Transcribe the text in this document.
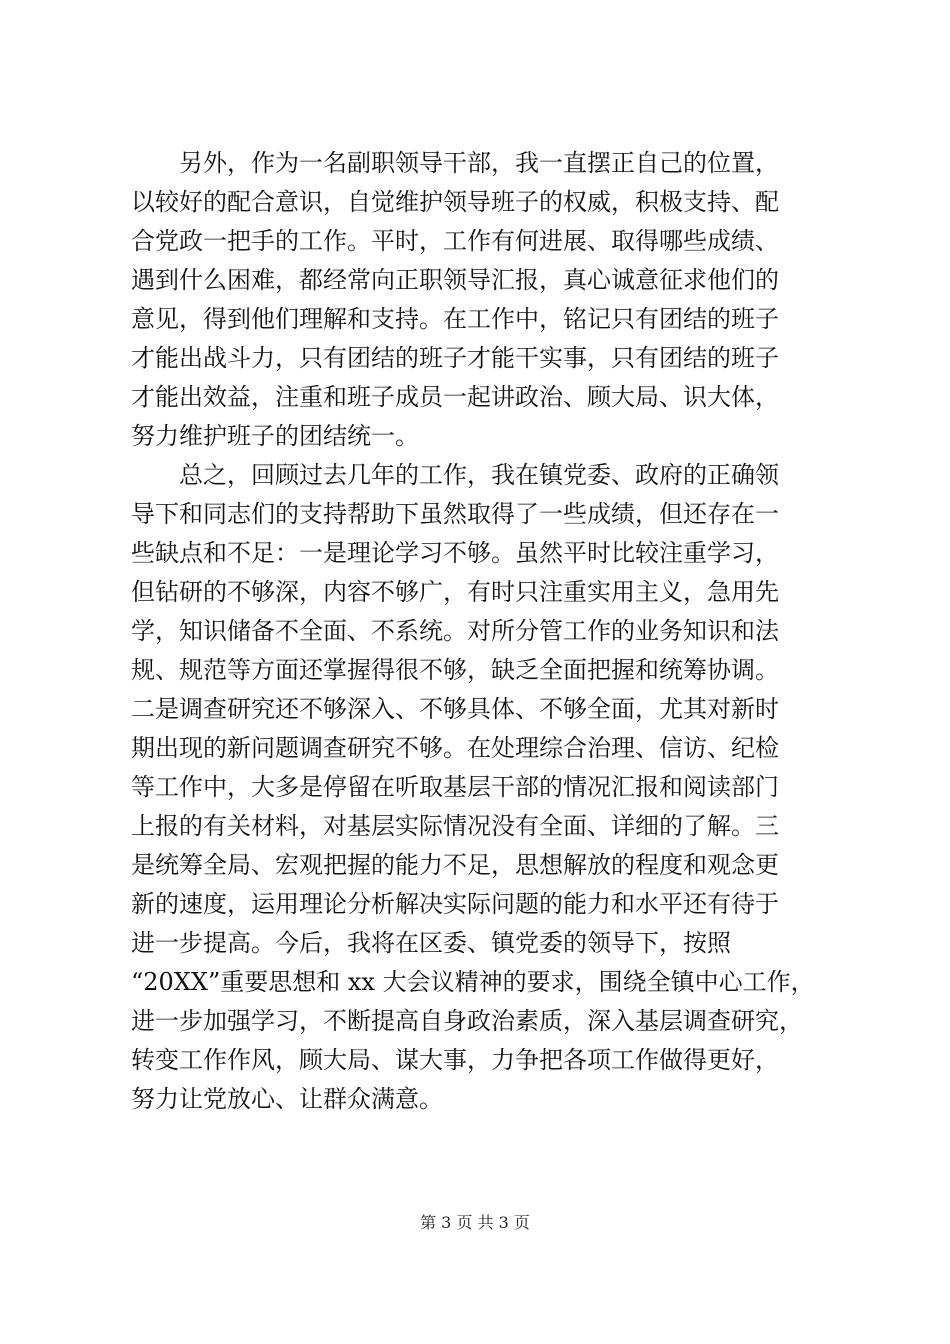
另外，作为一名副职领导干部，我一直摆正自己的位置，
以较好的配合意识，自觉维护领导班子的权威，积极支持、配
合党政一把手的工作。平时，工作有何进展、取得哪些成绩、
遇到什么困难，都经常向正职领导汇报，真心诚意征求他们的
意见，得到他们理解和支持。在工作中，铭记只有团结的班子
才能出战斗力，只有团结的班子才能干实事，只有团结的班子
才能出效益，注重和班子成员一起讲政治、顾大局、识大体，
努力维护班子的团结统一。
总之，回顾过去几年的工作，我在镇党委、政府的正确领
导下和同志们的支持帮助下虽然取得了一些成绩，但还存在一
些缺点和不足：一是理论学习不够。虽然平时比较注重学习，
但钻研的不够深，内容不够广，有时只注重实用主义，急用先
学，知识储备不全面、不系统。对所分管工作的业务知识和法
规、规范等方面还掌握得很不够，缺乏全面把握和统筹协调。
二是调查研究还不够深入、不够具体、不够全面，尤其对新时
期出现的新问题调查研究不够。在处理综合治理、信访、纪检
等工作中，大多是停留在听取基层干部的情况汇报和阅读部门
上报的有关材料，对基层实际情况没有全面、详细的了解。三
是统筹全局、宏观把握的能力不足，思想解放的程度和观念更
新的速度，运用理论分析解决实际问题的能力和水平还有待于
进一步提高。今后，我将在区委、镇党委的领导下，按照
“20XX”重要思想和 xx 大会议精神的要求，围绕全镇中心工作，
进一步加强学习，不断提高自身政治素质，深入基层调查研究，
转变工作作风，顾大局、谋大事，力争把各项工作做得更好，
努力让党放心、让群众满意。
第 3 页 共 3 页
